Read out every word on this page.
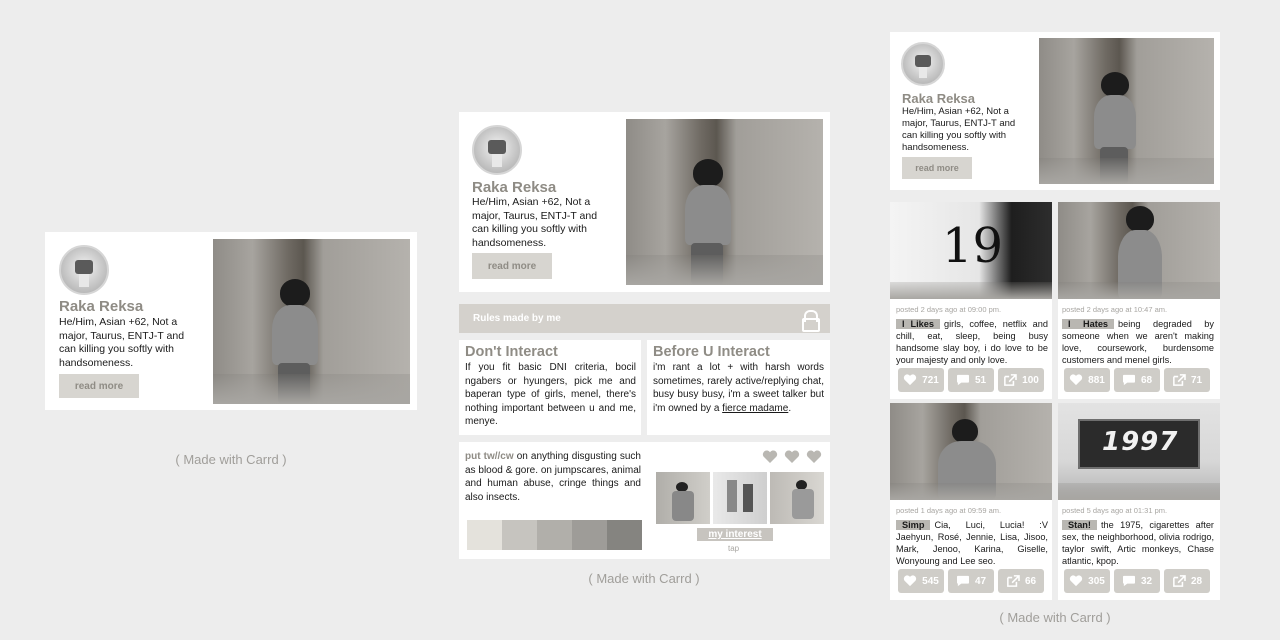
Raka Reksa
He/Him, Asian +62, Not a major, Taurus, ENTJ-T and can killing you softly with handsomeness.
read more
( Made with Carrd )
Raka Reksa
He/Him, Asian +62, Not a major, Taurus, ENTJ-T and can killing you softly with handsomeness.
read more
Rules made by me
Don't Interact
If you fit basic DNI criteria, bocil ngabers or hyungers, pick me and baperan type of girls, menel, there's nothing important between u and me, menye.
Before U Interact
i'm rant a lot + with harsh words sometimes, rarely active/replying chat, busy busy busy, i'm a sweet talker but i'm owned by a fierce madame.
put tw//cw on anything disgusting such as blood & gore. on jumpscares, animal and human abuse, cringe things and also insects.
my interest
tap
( Made with Carrd )
Raka Reksa
He/Him, Asian +62, Not a major, Taurus, ENTJ-T and can killing you softly with handsomeness.
read more
19
posted 2 days ago at 09:00 pm.
I Likes girls, coffee, netflix and chill, eat, sleep, being busy handsome slay boy, i do love to be your majesty and only love.
721	51	100
posted 2 days ago at 10:47 am.
I Hates being degraded by someone when we aren't making love, coursework, burdensome customers and menel girls.
881	68	71
posted 1 days ago at 09:59 am.
Simp Cia, Luci, Lucia! :V Jaehyun, Rosé, Jennie, Lisa, Jisoo, Mark, Jenoo, Karina, Giselle, Wonyoung and Lee seo.
545	47	66
1997
posted 5 days ago at 01:31 pm.
Stan! the 1975, cigarettes after sex, the neighborhood, olivia rodrigo, taylor swift, Artic monkeys, Chase atlantic, kpop.
305	32	28
( Made with Carrd )
